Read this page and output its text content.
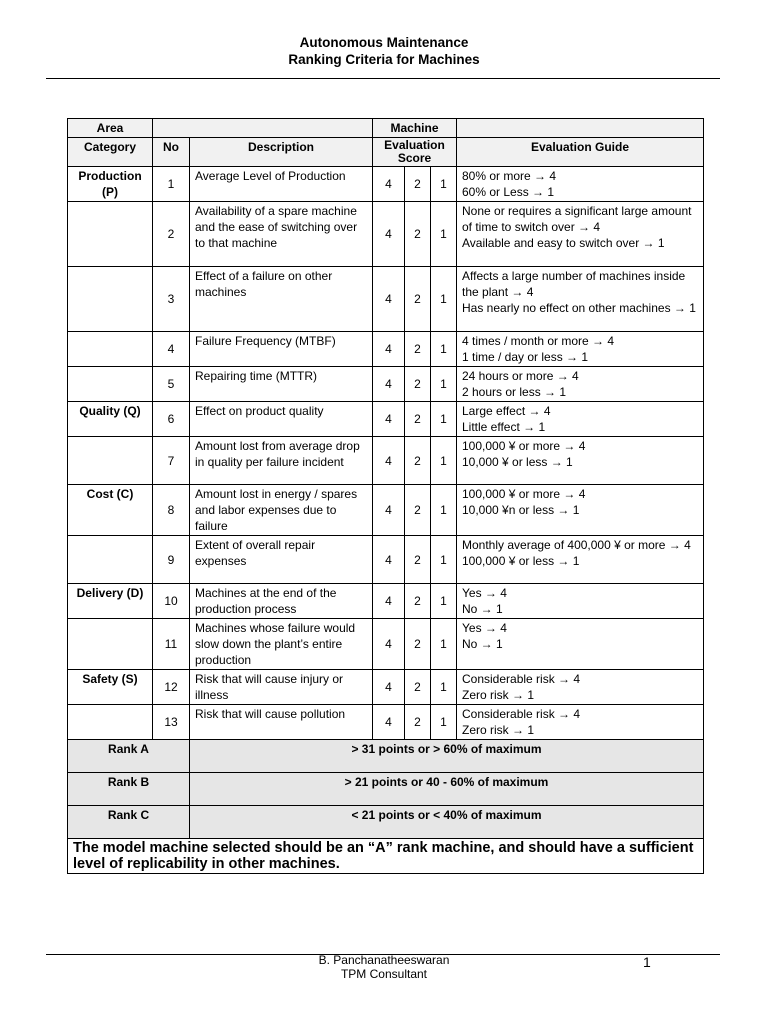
Autonomous Maintenance
Ranking Criteria for Machines
Area			Machine			
Category	No	Description	Evaluation Score			Evaluation Guide
Production (P)	1	Average Level of Production	4	2	1	80% or more → 4
60% or Less → 1
	2	Availability of a spare machine and the ease of switching over to that machine	4	2	1	None or requires a significant large amount of time to switch over → 4
Available and easy to switch over → 1
	3	Effect of a failure on other machines	4	2	1	Affects a large number of machines inside the plant → 4
Has nearly no effect on other machines → 1
	4	Failure Frequency (MTBF)	4	2	1	4 times / month or more → 4
1 time / day or less → 1
	5	Repairing time (MTTR)	4	2	1	24 hours or more → 4
2 hours or less → 1
Quality (Q)	6	Effect on product quality	4	2	1	Large effect → 4
Little effect → 1
	7	Amount lost from average drop in quality per failure incident	4	2	1	100,000 ¥ or more → 4
10,000 ¥ or less → 1
Cost (C)	8	Amount lost in energy / spares and labor expenses due to failure	4	2	1	100,000 ¥ or more → 4
10,000 ¥n or less → 1
	9	Extent of overall repair expenses	4	2	1	Monthly average of 400,000 ¥ or more → 4
100,000 ¥ or less → 1
Delivery (D)	10	Machines at the end of the production process	4	2	1	Yes → 4
No → 1
	11	Machines whose failure would slow down the plant’s entire production	4	2	1	Yes → 4
No → 1
Safety (S)	12	Risk that will cause injury or illness	4	2	1	Considerable risk → 4
Zero risk → 1
	13	Risk that will cause pollution	4	2	1	Considerable risk → 4
Zero risk → 1
Rank A		> 31 points or > 60% of maximum				
Rank B		> 21 points or 40 - 60% of maximum				
Rank C		< 21 points or < 40% of maximum				
The model machine selected should be an “A” rank machine, and should have a sufficient level of replicability in other machines.						
B. Panchanatheeswaran
TPM Consultant
1
